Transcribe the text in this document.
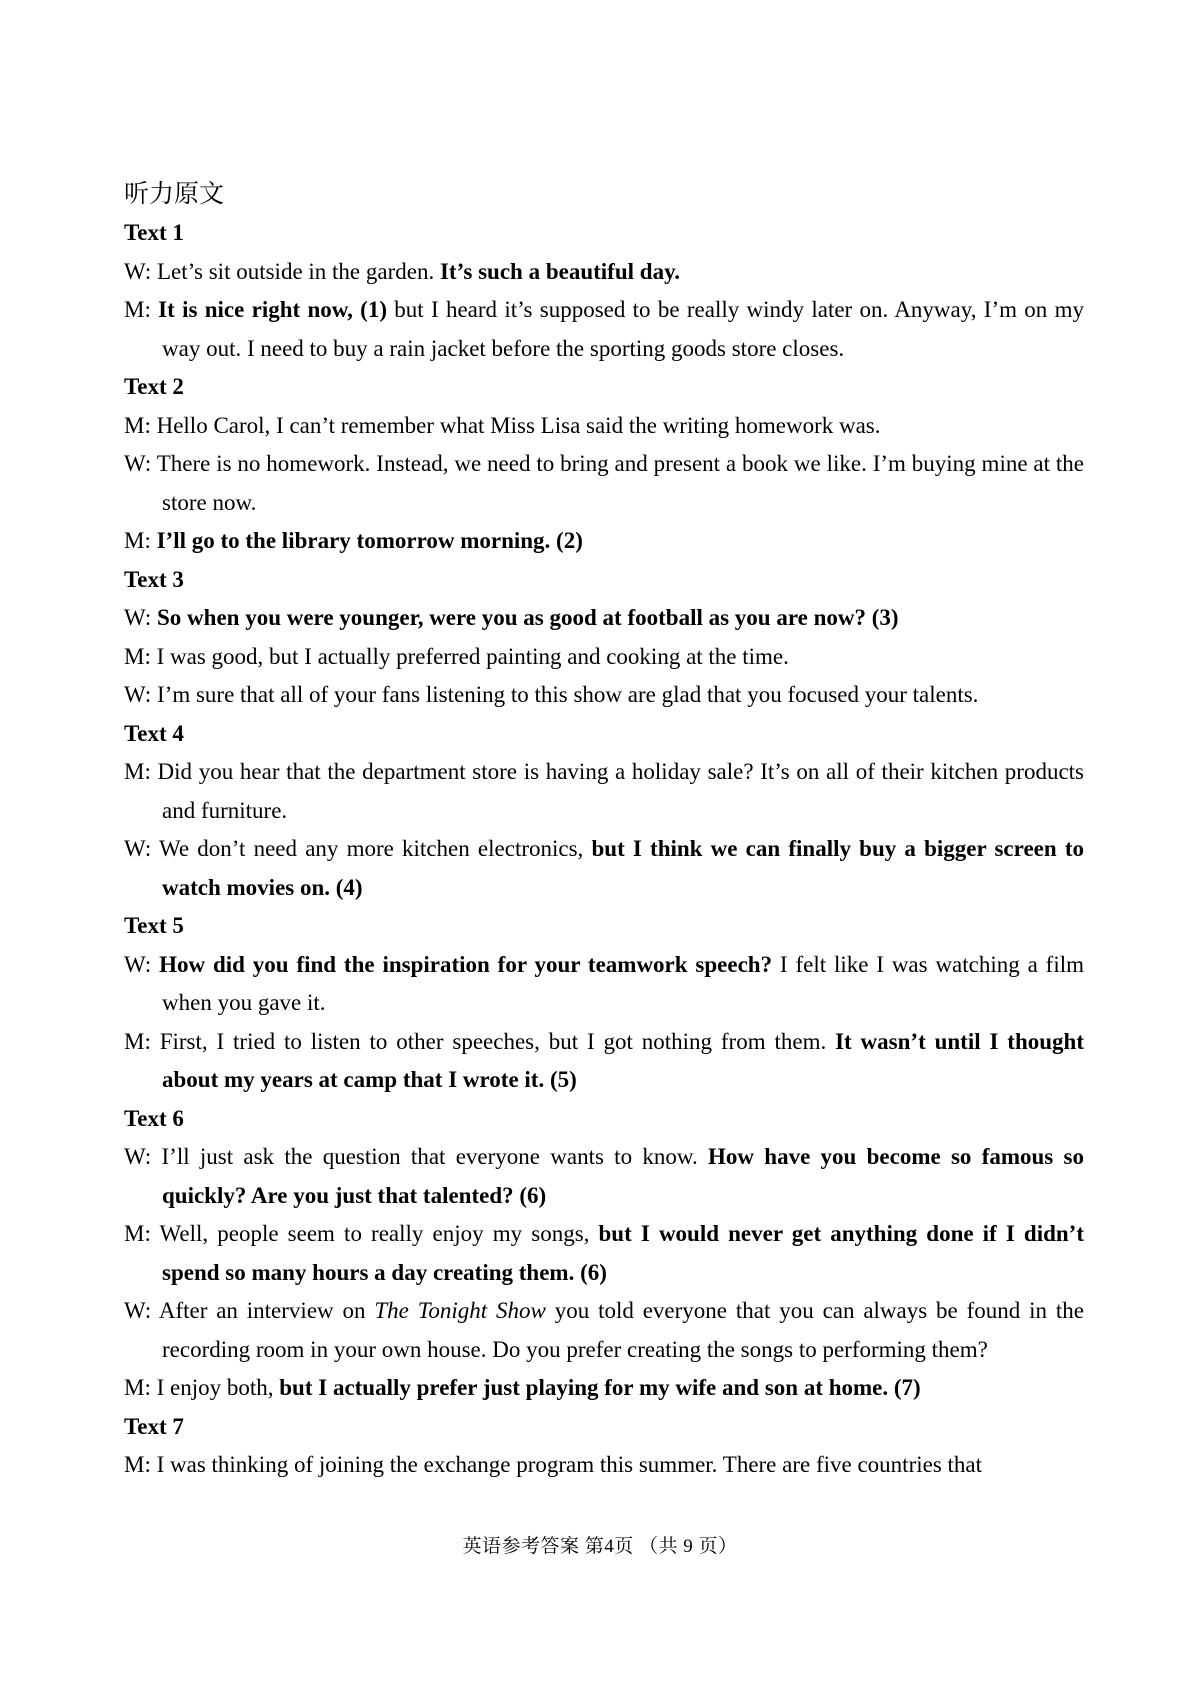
听力原文
Text 1
W: Let’s sit outside in the garden. It’s such a beautiful day.
M: It is nice right now, (1) but I heard it’s supposed to be really windy later on. Anyway, I’m on my way out. I need to buy a rain jacket before the sporting goods store closes.
Text 2
M: Hello Carol, I can’t remember what Miss Lisa said the writing homework was.
W: There is no homework. Instead, we need to bring and present a book we like. I’m buying mine at the store now.
M: I’ll go to the library tomorrow morning. (2)
Text 3
W: So when you were younger, were you as good at football as you are now? (3)
M: I was good, but I actually preferred painting and cooking at the time.
W: I’m sure that all of your fans listening to this show are glad that you focused your talents.
Text 4
M: Did you hear that the department store is having a holiday sale? It’s on all of their kitchen products and furniture.
W: We don’t need any more kitchen electronics, but I think we can finally buy a bigger screen to watch movies on. (4)
Text 5
W: How did you find the inspiration for your teamwork speech? I felt like I was watching a film when you gave it.
M: First, I tried to listen to other speeches, but I got nothing from them. It wasn’t until I thought about my years at camp that I wrote it. (5)
Text 6
W: I’ll just ask the question that everyone wants to know. How have you become so famous so quickly? Are you just that talented? (6)
M: Well, people seem to really enjoy my songs, but I would never get anything done if I didn’t spend so many hours a day creating them. (6)
W: After an interview on The Tonight Show you told everyone that you can always be found in the recording room in your own house. Do you prefer creating the songs to performing them?
M: I enjoy both, but I actually prefer just playing for my wife and son at home. (7)
Text 7
M: I was thinking of joining the exchange program this summer. There are five countries that
英语参考答案 第4页 （共 9 页）
